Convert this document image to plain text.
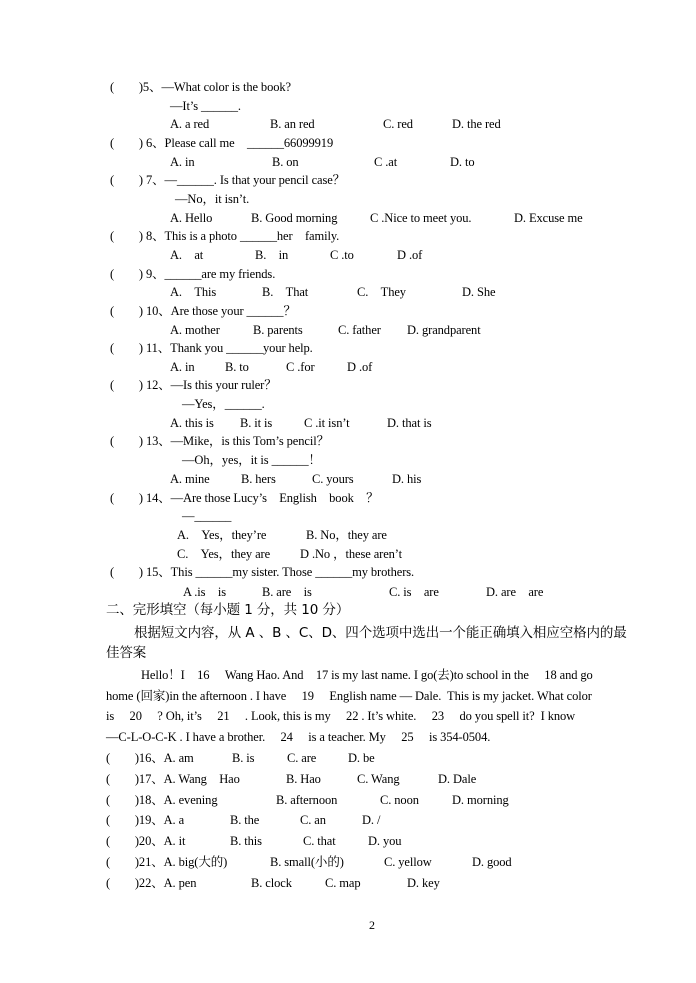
(　　)5、—What color is the book?
—It’s ______.
A. a red	B. an red	C. red	D. the red
(　　) 6、Please call me　______66099919
A. in	B. on	C .at	D. to
(　　) 7、—______. Is that your pencil case？
—No，it isn’t.
A. Hello	B. Good morning	C .Nice to meet you.	D. Excuse me
(　　) 8、This is a photo ______her　family.
A.　at	B.　in	C .to	D .of
(　　) 9、______are my friends.
A.　This	B.　That	C.　They	D. She
(　　) 10、Are those your ______？
A. mother	B. parents	C. father D. grandparent
(　　) 11、Thank you ______your help.
A. in B. to	C .for	D .of
(　　) 12、—Is this your ruler？
—Yes，______.
A. this is B. it is	C .it isn’t	D. that is
(　　) 13、—Mike，is this Tom’s pencil？
—Oh，yes，it is ______！
A. mine	B. hers	C. yours	D. his
(　　) 14、—Are those Lucy’s　English　book　？
—______
A.　Yes，they’re	B. No，they are
C.　Yes，they are D .No ，these aren’t
(　　) 15、This ______my sister. Those ______my brothers.
A .is　is	B. are　is	C. is　are	D. are　are
二、完形填空（每小题 1 分，共 10 分）
根据短文内容，从 A 、B 、C、D、四个选项中选出一个能正确填入相应空格内的最
佳答案
Hello！I　16 　Wang Hao. And　17 is my last name. I go(去)to school in the　 18 and go
home (回家)in the afternoon . I have　 19 　English name — Dale.  This is my jacket. What color
is　 20 　? Oh, it’s　 21 　. Look, this is my　 22 . It’s white.　 23 　do you spell it?  I know
—C-L-O-C-K . I have a brother.　 24 　is a teacher. My　 25 　is 354-0504.
(　　)16、A. am	B. is	C. are	D. be
(　　)17、A. Wang　Hao	B. Hao	C. Wang	D. Dale
(　　)18、A. evening	B. afternoon	C. noon	D. morning
(　　)19、A. a	B. the	C. an	D. /
(　　)20、A. it	B. this	C. that	D. you
(　　)21、A. big(大的)	B. small(小的)	C. yellow	D. good
(　　)22、A. pen	B. clock	C. map	D. key
2
